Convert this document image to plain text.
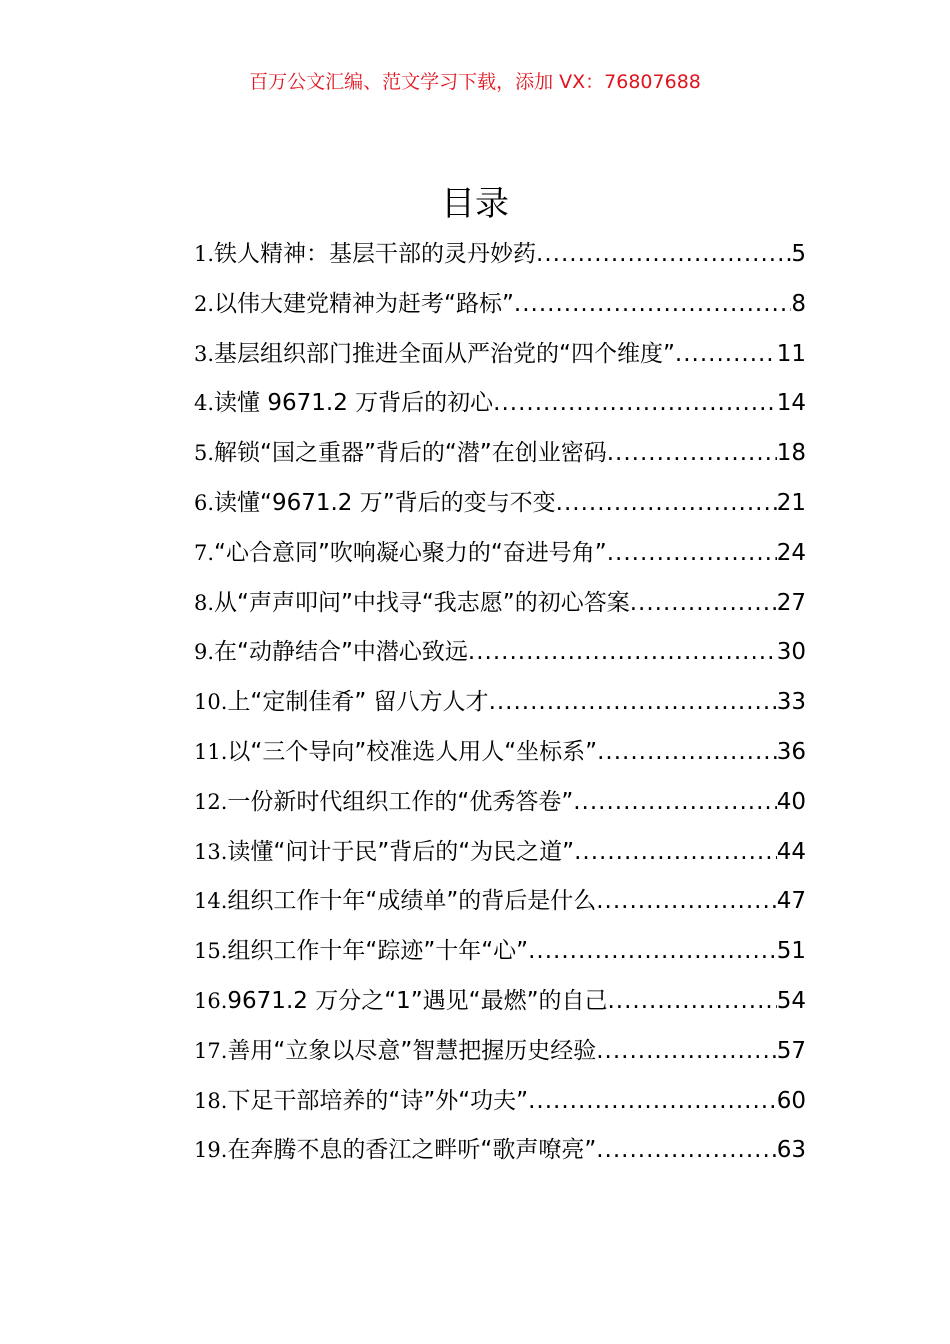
百万公文汇编、范文学习下载，添加 VX：76807688
目录
1. 铁人精神：基层干部的灵丹妙药 .....	5
2. 以伟大建党精神为赶考“路标” .....	8
3. 基层组织部门推进全面从严治党的“四个维度” .....	11
4. 读懂 9671.2 万背后的初心 .....	14
5. 解锁“国之重器”背后的“潜”在创业密码 .....	18
6. 读懂“9671.2 万”背后的变与不变 .....	21
7. “心合意同”吹响凝心聚力的“奋进号角” .....	24
8. 从“声声叩问”中找寻“我志愿”的初心答案 .....	27
9. 在“动静结合”中潜心致远 .....	30
10. 上“定制佳肴” 留八方人才 .....	33
11. 以“三个导向”校准选人用人“坐标系” .....	36
12. 一份新时代组织工作的“优秀答卷” .....	40
13. 读懂“问计于民”背后的“为民之道” .....	44
14. 组织工作十年“成绩单”的背后是什么 .....	47
15. 组织工作十年“踪迹”十年“心” .....	51
16. 9671.2 万分之“1”遇见“最燃”的自己 .....	54
17. 善用“立象以尽意”智慧把握历史经验 .....	57
18. 下足干部培养的“诗”外“功夫” .....	60
19. 在奔腾不息的香江之畔听“歌声嘹亮” .....	63
